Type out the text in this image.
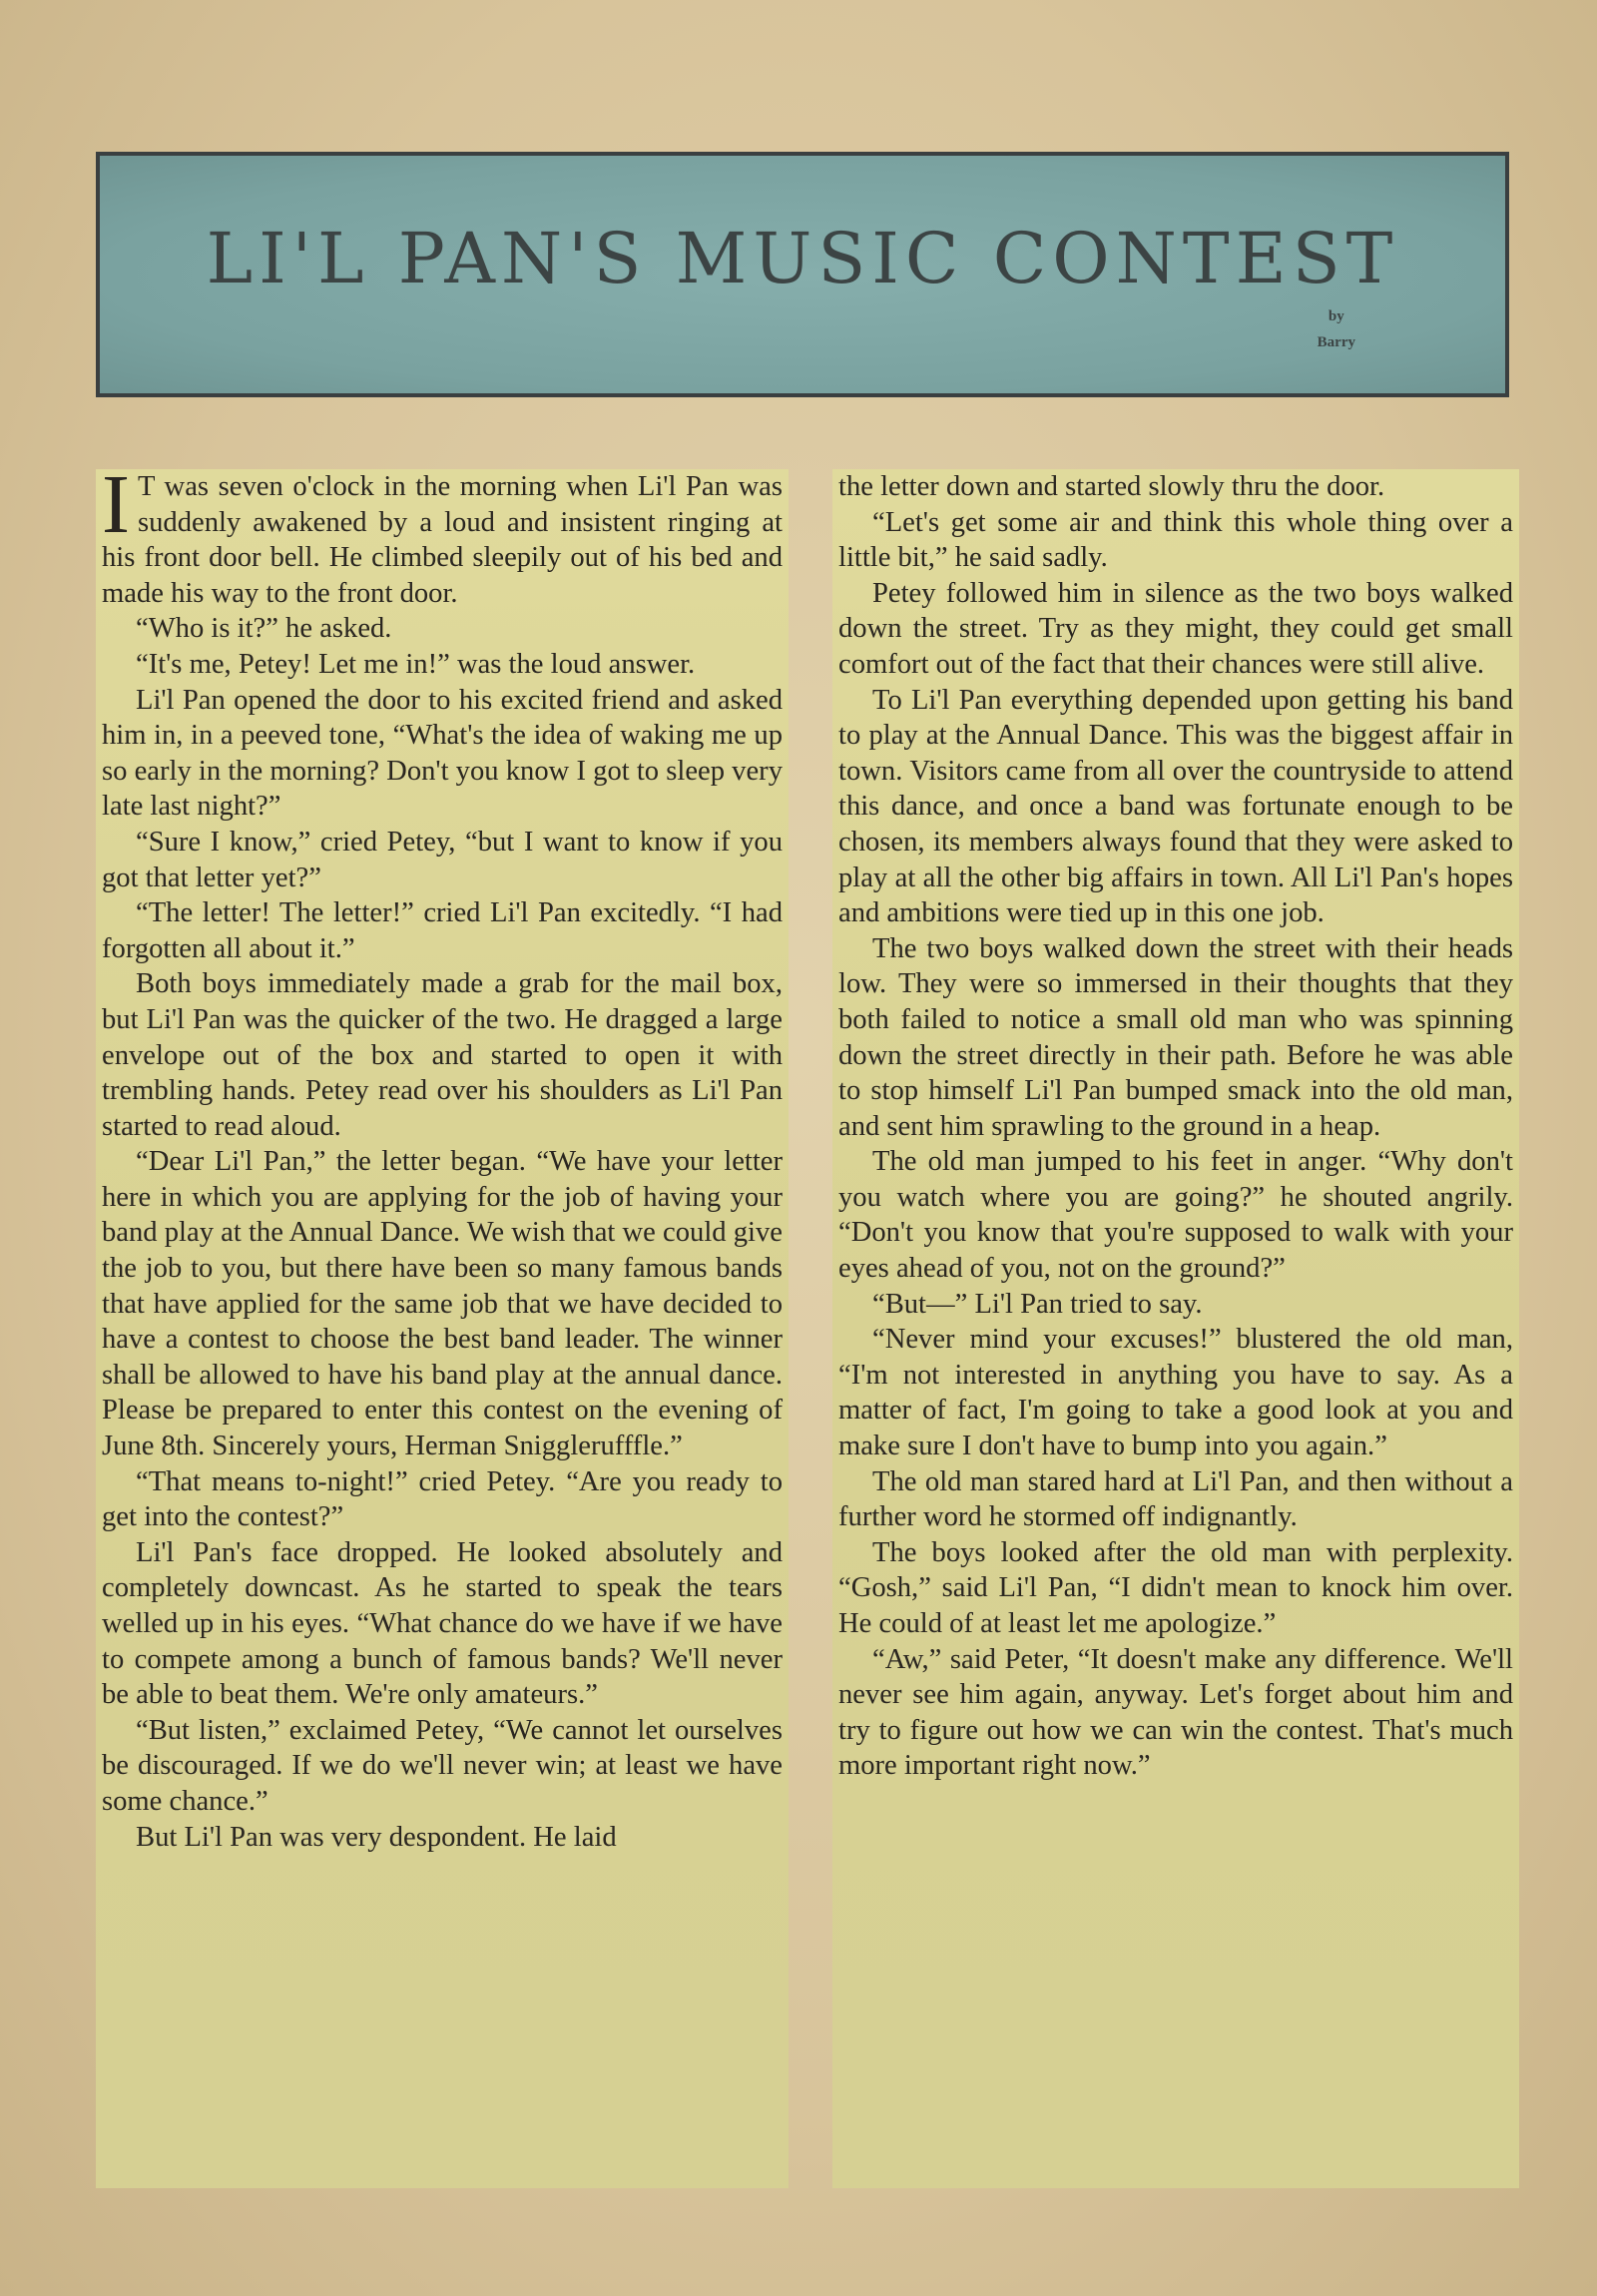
LI'L PAN'S MUSIC CONTEST
by
Barry

I T was seven o'clock in the morning when Li'l Pan was suddenly awakened by a loud and insistent ringing at his front door bell. He climbed sleepily out of his bed and made his way to the front door.

“Who is it?” he asked.

“It's me, Petey! Let me in!” was the loud answer.

Li'l Pan opened the door to his excited friend and asked him in, in a peeved tone, “What's the idea of waking me up so early in the morning? Don't you know I got to sleep very late last night?”

“Sure I know,” cried Petey, “but I want to know if you got that letter yet?”

“The letter! The letter!” cried Li'l Pan excitedly. “I had forgotten all about it.”

Both boys immediately made a grab for the mail box, but Li'l Pan was the quicker of the two. He dragged a large envelope out of the box and started to open it with trembling hands. Petey read over his shoulders as Li'l Pan started to read aloud.

“Dear Li'l Pan,” the letter began. “We have your letter here in which you are applying for the job of having your band play at the Annual Dance. We wish that we could give the job to you, but there have been so many famous bands that have applied for the same job that we have decided to have a contest to choose the best band leader. The winner shall be allowed to have his band play at the annual dance. Please be prepared to enter this contest on the evening of June 8th. Sincerely yours, Herman Snigglerufffle.”

“That means to-night!” cried Petey. “Are you ready to get into the contest?”

Li'l Pan's face dropped. He looked absolutely and completely downcast. As he started to speak the tears welled up in his eyes. “What chance do we have if we have to compete among a bunch of famous bands? We'll never be able to beat them. We're only amateurs.”

“But listen,” exclaimed Petey, “We cannot let ourselves be discouraged. If we do we'll never win; at least we have some chance.”

But Li'l Pan was very despondent. He laid

the letter down and started slowly thru the door.

“Let's get some air and think this whole thing over a little bit,” he said sadly.

Petey followed him in silence as the two boys walked down the street. Try as they might, they could get small comfort out of the fact that their chances were still alive.

To Li'l Pan everything depended upon getting his band to play at the Annual Dance. This was the biggest affair in town. Visitors came from all over the countryside to attend this dance, and once a band was fortunate enough to be chosen, its members always found that they were asked to play at all the other big affairs in town. All Li'l Pan's hopes and ambitions were tied up in this one job.

The two boys walked down the street with their heads low. They were so immersed in their thoughts that they both failed to notice a small old man who was spinning down the street directly in their path. Before he was able to stop himself Li'l Pan bumped smack into the old man, and sent him sprawling to the ground in a heap.

The old man jumped to his feet in anger. “Why don't you watch where you are going?” he shouted angrily. “Don't you know that you're supposed to walk with your eyes ahead of you, not on the ground?”

“But—” Li'l Pan tried to say.

“Never mind your excuses!” blustered the old man, “I'm not interested in anything you have to say. As a matter of fact, I'm going to take a good look at you and make sure I don't have to bump into you again.”

The old man stared hard at Li'l Pan, and then without a further word he stormed off indignantly.

The boys looked after the old man with perplexity. “Gosh,” said Li'l Pan, “I didn't mean to knock him over. He could of at least let me apologize.”

“Aw,” said Peter, “It doesn't make any difference. We'll never see him again, anyway. Let's forget about him and try to figure out how we can win the contest. That's much more important right now.”
